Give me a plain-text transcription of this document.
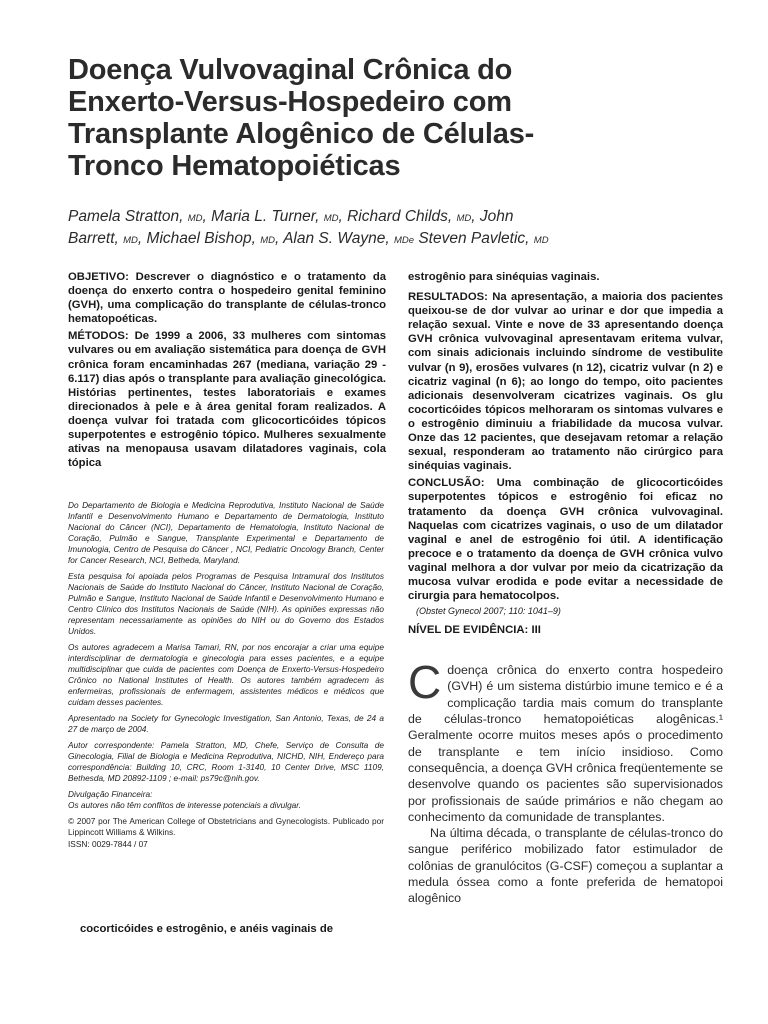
Doença Vulvovaginal Crônica do
Enxerto-Versus-Hospedeiro com
Transplante Alogênico de Células-
Tronco Hematopoiéticas
Pamela Stratton, MD, Maria L. Turner, MD, Richard Childs, MD, John
Barrett, MD, Michael Bishop, MD, Alan S. Wayne, MDe Steven Pavletic, MD

OBJETIVO: Descrever o diagnóstico e o tratamento da doença do enxerto contra o hospedeiro genital feminino (GVH), uma complicação do transplante de células-tronco hematopoéticas.

MÉTODOS: De 1999 a 2006, 33 mulheres com sintomas vulvares ou em avaliação sistemática para doença de GVH crônica foram encaminhadas 267 (mediana, variação 29 - 6.117) dias após o transplante para avaliação ginecológica. Histórias pertinentes, testes laboratoriais e exames direcionados à pele e à área genital foram realizados. A doença vulvar foi tratada com glicocorticóides tópicos superpotentes e estrogênio tópico. Mulheres sexualmente ativas na menopausa usavam dilatadores vaginais, cola tópica

Do Departamento de Biologia e Medicina Reprodutiva, Instituto Nacional de Saúde Infantil e Desenvolvimento Humano e Departamento de Dermatologia, Instituto Nacional do Câncer (NCI), Departamento de Hematologia, Instituto Nacional de Coração, Pulmão e Sangue, Transplante Experimental e Departamento de Imunologia, Centro de Pesquisa do Câncer , NCI, Pediatric Oncology Branch, Center for Cancer Research, NCI, Betheda, Maryland.

Esta pesquisa foi apoiada pelos Programas de Pesquisa Intramural dos Institutos Nacionais de Saúde do Instituto Nacional do Câncer, Instituto Nacional de Coração, Pulmão e Sangue, Instituto Nacional de Saúde Infantil e Desenvolvimento Humano e Centro Clínico dos Institutos Nacionais de Saúde (NIH). As opiniões expressas não representam necessariamente as opiniões do NIH ou do Governo dos Estados Unidos.

Os autores agradecem a Marisa Tamari, RN, por nos encorajar a criar uma equipe interdisciplinar de dermatologia e ginecologia para esses pacientes, e a equipe multidisciplinar que cuida de pacientes com Doença de Enxerto-Versus-Hospedeiro Crônico no National Institutes of Health. Os autores também agradecem às enfermeiras, profissionais de enfermagem, assistentes médicos e médicos que cuidam desses pacientes.

Apresentado na Society for Gynecologic Investigation, San Antonio, Texas, de 24 a 27 de março de 2004.

Autor correspondente: Pamela Stratton, MD, Chefe, Serviço de Consulta de Ginecologia, Filial de Biologia e Medicina Reprodutiva, NICHD, NIH, Endereço para correspondência: Building 10, CRC, Room 1-3140, 10 Center Drive, MSC 1109, Bethesda, MD 20892-1109 ; e-mail: ps79c@nih.gov.

Divulgação Financeira:
Os autores não têm conflitos de interesse potenciais a divulgar.

© 2007 por The American College of Obstetricians and Gynecologists. Publicado por Lippincott Williams & Wilkins.

ISSN: 0029-7844 / 07

cocorticóides e estrogênio, e anéis vaginais de

estrogênio para sinéquias vaginais.

RESULTADOS: Na apresentação, a maioria dos pacientes queixou-se de dor vulvar ao urinar e dor que impedia a relação sexual. Vinte e nove de 33 apresentando doença GVH crônica vulvovaginal apresentavam eritema vulvar, com sinais adicionais incluindo síndrome de vestibulite vulvar (n 9), erosões vulvares (n 12), cicatriz vulvar (n 2) e cicatriz vaginal (n 6); ao longo do tempo, oito pacientes adicionais desenvolveram cicatrizes vaginais. Os glu cocorticóides tópicos melhoraram os sintomas vulvares e o estrogênio diminuiu a friabilidade da mucosa vulvar. Onze das 12 pacientes, que desejavam retomar a relação sexual, responderam ao tratamento não cirúrgico para sinéquias vaginais.

CONCLUSÃO: Uma combinação de glicocorticóides superpotentes tópicos e estrogênio foi eficaz no tratamento da doença GVH crônica vulvovaginal. Naquelas com cicatrizes vaginais, o uso de um dilatador vaginal e anel de estrogênio foi útil. A identificação precoce e o tratamento da doença de GVH crônica vulvo vaginal melhora a dor vulvar por meio da cicatrização da mucosa vulvar erodida e pode evitar a necessidade de cirurgia para hematocolpos.

(Obstet Gynecol 2007; 110: 1041–9)
NÍVEL DE EVIDÊNCIA: III

Cdoença crônica do enxerto contra hospedeiro (GVH) é um sistema distúrbio imune temico e é a complicação tardia mais comum do transplante de células-tronco hematopoiéticas alogênicas.¹ Geralmente ocorre muitos meses após o procedimento de transplante e tem início insidioso. Como consequência, a doença GVH crônica freqüentemente se desenvolve quando os pacientes são supervisionados por profissionais de saúde primários e não chegam ao conhecimento da comunidade de transplantes.

Na última década, o transplante de células-tronco do sangue periférico mobilizado fator estimulador de colônias de granulócitos (G-CSF) começou a suplantar a medula óssea como a fonte preferida de hematopoi alogênico
